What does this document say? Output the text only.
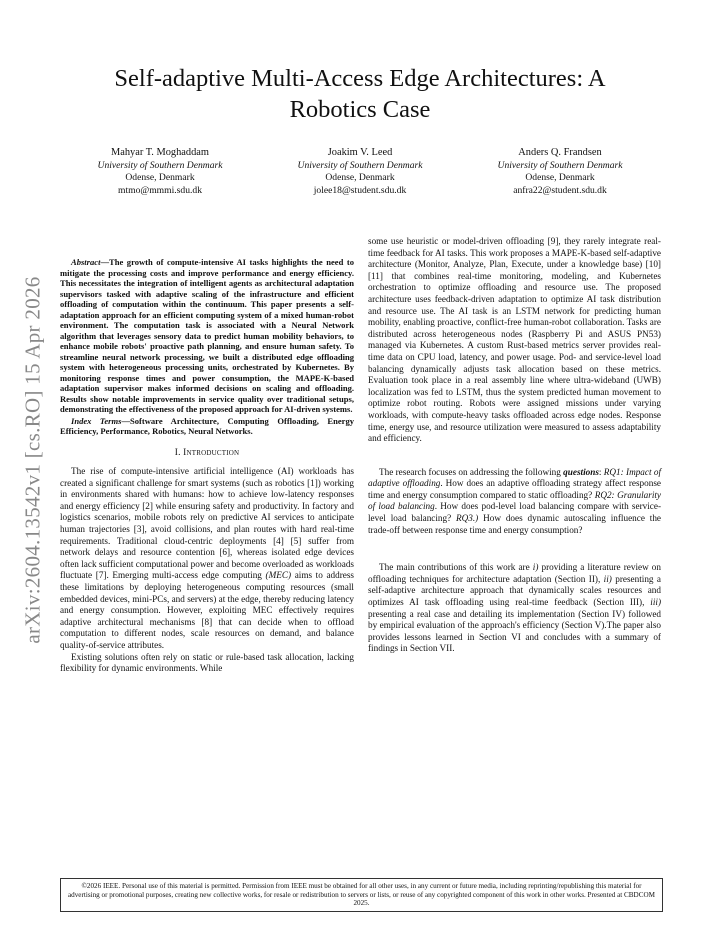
Self-adaptive Multi-Access Edge Architectures: A
Robotics Case
Mahyar T. Moghaddam
University of Southern Denmark
Odense, Denmark
mtmo@mmmi.sdu.dk
Joakim V. Leed
University of Southern Denmark
Odense, Denmark
jolee18@student.sdu.dk
Anders Q. Frandsen
University of Southern Denmark
Odense, Denmark
anfra22@student.sdu.dk
arXiv:2604.13542v1 [cs.RO] 15 Apr 2026

Abstract—The growth of compute-intensive AI tasks highlights the need to mitigate the processing costs and improve performance and energy efficiency. This necessitates the integration of intelligent agents as architectural adaptation supervisors tasked with adaptive scaling of the infrastructure and efficient offloading of computation within the continuum. This paper presents a self-adaptation approach for an efficient computing system of a mixed human-robot environment. The computation task is associated with a Neural Network algorithm that leverages sensory data to predict human mobility behaviors, to enhance mobile robots' proactive path planning, and ensure human safety. To streamline neural network processing, we built a distributed edge offloading system with heterogeneous processing units, orchestrated by Kubernetes. By monitoring response times and power consumption, the MAPE-K-based adaptation supervisor makes informed decisions on scaling and offloading. Results show notable improvements in service quality over traditional setups, demonstrating the effectiveness of the proposed approach for AI-driven systems.

Index Terms—Software Architecture, Computing Offloading, Energy Efficiency, Performance, Robotics, Neural Networks.

I. Introduction

The rise of compute-intensive artificial intelligence (AI) workloads has created a significant challenge for smart systems (such as robotics [1]) working in environments shared with humans: how to achieve low-latency responses and energy efficiency [2] while ensuring safety and productivity. In factory and logistics scenarios, mobile robots rely on predictive AI services to anticipate human trajectories [3], avoid collisions, and plan routes with hard real-time requirements. Traditional cloud-centric deployments [4] [5] suffer from network delays and resource contention [6], whereas isolated edge devices often lack sufficient computational power and become overloaded as workloads fluctuate [7]. Emerging multi-access edge computing (MEC) aims to address these limitations by deploying heterogeneous computing resources (small embedded devices, mini-PCs, and servers) at the edge, thereby reducing latency and energy consumption. However, exploiting MEC effectively requires adaptive architectural mechanisms [8] that can decide when to offload computation to different nodes, scale resources on demand, and balance quality-of-service attributes.

Existing solutions often rely on static or rule-based task allocation, lacking flexibility for dynamic environments. While

some use heuristic or model-driven offloading [9], they rarely integrate real-time feedback for AI tasks. This work proposes a MAPE-K-based self-adaptive architecture (Monitor, Analyze, Plan, Execute, under a knowledge base) [10] [11] that combines real-time monitoring, modeling, and Kubernetes orchestration to optimize offloading and resource use. The proposed architecture uses feedback-driven adaptation to optimize AI task distribution and resource use. The AI task is an LSTM network for predicting human mobility, enabling proactive, conflict-free human-robot collaboration. Tasks are distributed across heterogeneous nodes (Raspberry Pi and ASUS PN53) managed via Kubernetes. A custom Rust-based metrics server provides real-time data on CPU load, latency, and power usage. Pod- and service-level load balancing dynamically adjusts task allocation based on these metrics. Evaluation took place in a real assembly line where ultra-wideband (UWB) localization was fed to LSTM, thus the system predicted human movement to optimize robot routing. Robots were assigned missions under varying workloads, with compute-heavy tasks offloaded across edge nodes. Response time, energy use, and resource utilization were measured to assess adaptability and efficiency.

The research focuses on addressing the following questions: RQ1: Impact of adaptive offloading. How does an adaptive offloading strategy affect response time and energy consumption compared to static offloading? RQ2: Granularity of load balancing. How does pod-level load balancing compare with service-level load balancing? RQ3.) How does dynamic autoscaling influence the trade-off between response time and energy consumption?

The main contributions of this work are i) providing a literature review on offloading techniques for architecture adaptation (Section II), ii) presenting a self-adaptive architecture approach that dynamically scales resources and optimizes AI task offloading using real-time feedback (Section III), iii) presenting a real case and detailing its implementation (Section IV) followed by empirical evaluation of the approach's efficiency (Section V).The paper also provides lessons learned in Section VI and concludes with a summary of findings in Section VII.

©2026 IEEE. Personal use of this material is permitted. Permission from IEEE must be obtained for all other uses, in any current or future media, including reprinting/republishing this material for advertising or promotional purposes, creating new collective works, for resale or redistribution to servers or lists, or reuse of any copyrighted component of this work in other works. Presented at CBDCOM 2025.
